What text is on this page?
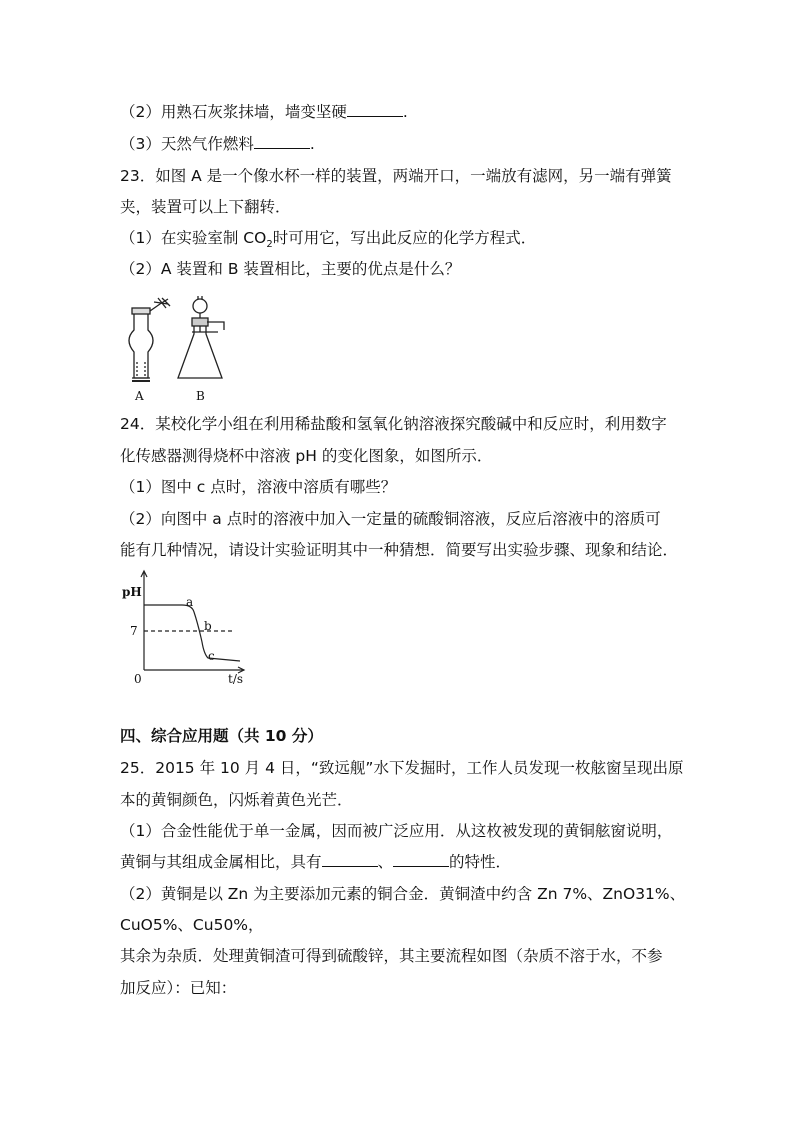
（2）用熟石灰浆抹墙，墙变坚硬	.
（3）天然气作燃料	.
23．如图 A 是一个像水杯一样的装置，两端开口，一端放有滤网，另一端有弹簧
夹，装置可以上下翻转．
（1）在实验室制 $CO_2$时可用它，写出此反应的化学方程式．
（2）A 装置和 B 装置相比，主要的优点是什么？
A	B
24．某校化学小组在利用稀盐酸和氢氧化钠溶液探究酸碱中和反应时，利用数字
化传感器测得烧杯中溶液 pH 的变化图象，如图所示．
（1）图中 c 点时，溶液中溶质有哪些？
（2）向图中 a 点时的溶液中加入一定量的硫酸铜溶液，反应后溶液中的溶质可
能有几种情况，请设计实验证明其中一种猜想．简要写出实验步骤、现象和结论．
pH
7
0	t/s
a
b
c
四、综合应用题（共 10 分）
25．2015 年 10 月 4 日，“致远舰”水下发掘时，工作人员发现一枚舷窗呈现出原
本的黄铜颜色，闪烁着黄色光芒．
（1）合金性能优于单一金属，因而被广泛应用．从这枚被发现的黄铜舷窗说明，
黄铜与其组成金属相比，具有	、	的特性．
（2）黄铜是以 Zn 为主要添加元素的铜合金．黄铜渣中约含 Zn 7%、ZnO31%、
CuO5%、Cu50%，
其余为杂质．处理黄铜渣可得到硫酸锌，其主要流程如图（杂质不溶于水，不参
加反应）：已知：
